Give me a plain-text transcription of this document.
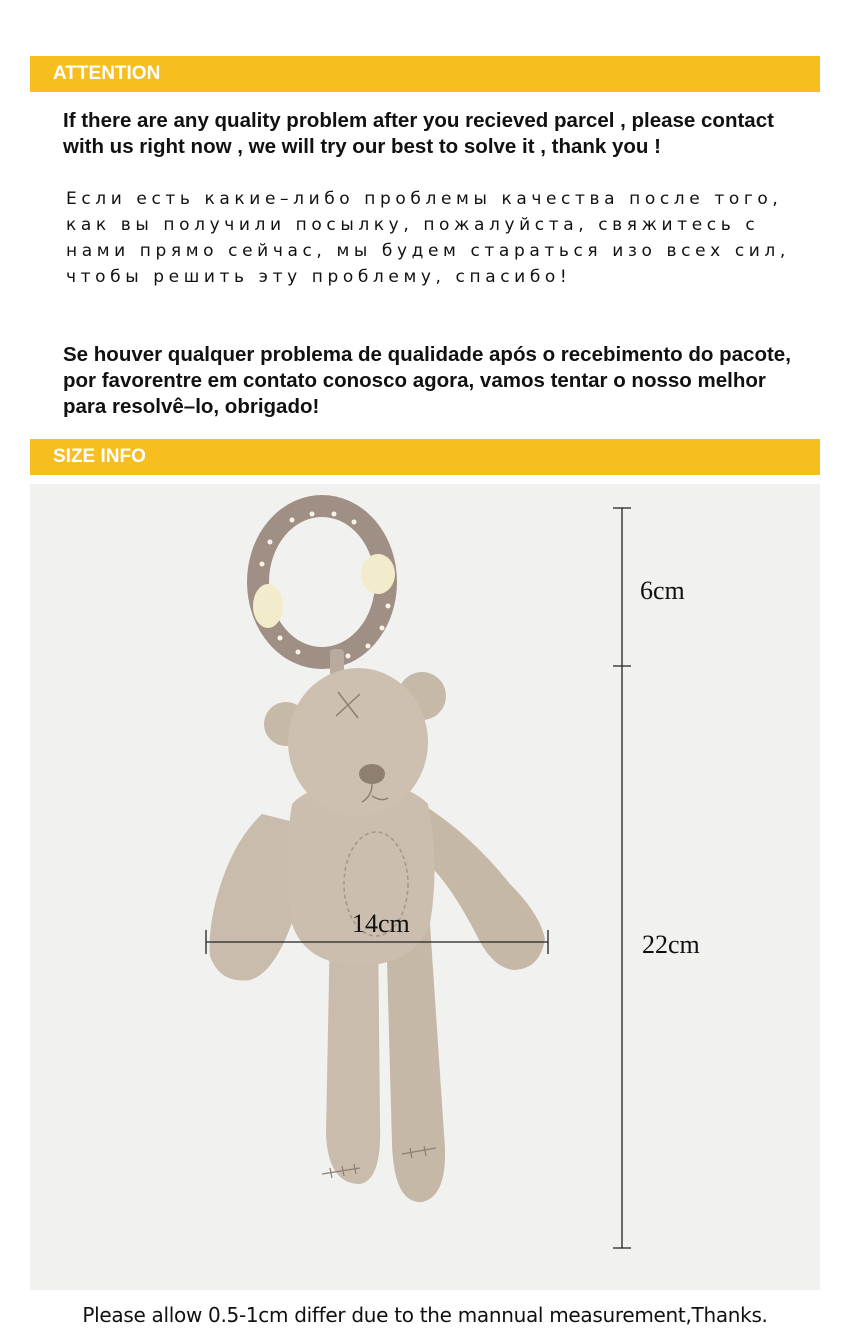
ATTENTION
If there are any quality problem after you recieved parcel , please contact with us right now , we will try our best to solve it , thank you !
Если есть какие–либо проблемы качества после того, как вы получили посылку, пожалуйста, свяжитесь с нами прямо сейчас, мы будем стараться изо всех сил, чтобы решить эту проблему, спасибо!
Se houver qualquer problema de qualidade após o recebimento do pacote, por favorentre em contato conosco agora, vamos tentar o nosso melhor para resolvê–lo, obrigado!
SIZE INFO
6cm
22cm
14cm
Please allow 0.5-1cm differ due to the mannual measurement,Thanks.
